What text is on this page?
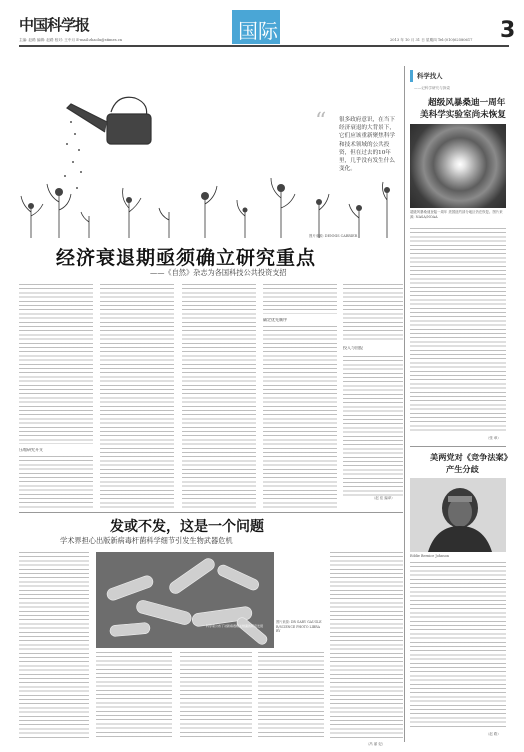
中国科学报
主编: 赵路 编辑: 赵路 校对: 王中月 E-mail:zhaolu@stimes.cn	国际	2013 年 10 月 31 日 星期四 Tel:(010)62580617 3
“ 很多政府意识，在当下经济衰退的大背景下，它们应该重新聚焦科学和技术领域的公共投资，但在过去的10年里，几乎没有发生什么变化。
图片来源: DENNIS CARRIER
经济衰退期亟须确立研究重点
——《自然》杂志为各国科技公共投资支招
压缩研究开支
确定优先顺序
投入与回报
（赵 佳 编译）
科学找人
——记科学研究与探索
超级风暴桑迪一周年
美科学实验室尚未恢复
超级风暴桑迪登陆一周年 美国纽约部分地区仍在恢复。图片来源: NASA/NOAA
（张 章）
美两党对《竞争法案》
产生分歧
Eddie Bernice Johnson
（赵 路）
发或不发，这是一个问题
学术界担心出版新病毒杆菌科学细节引发生物武器危机
科学家公布了对新病毒相关细菌的研究发现
图片来源: DR GARY GAUGLER/SCIENCE PHOTO LIBRARY
（冯 丽 妃）
